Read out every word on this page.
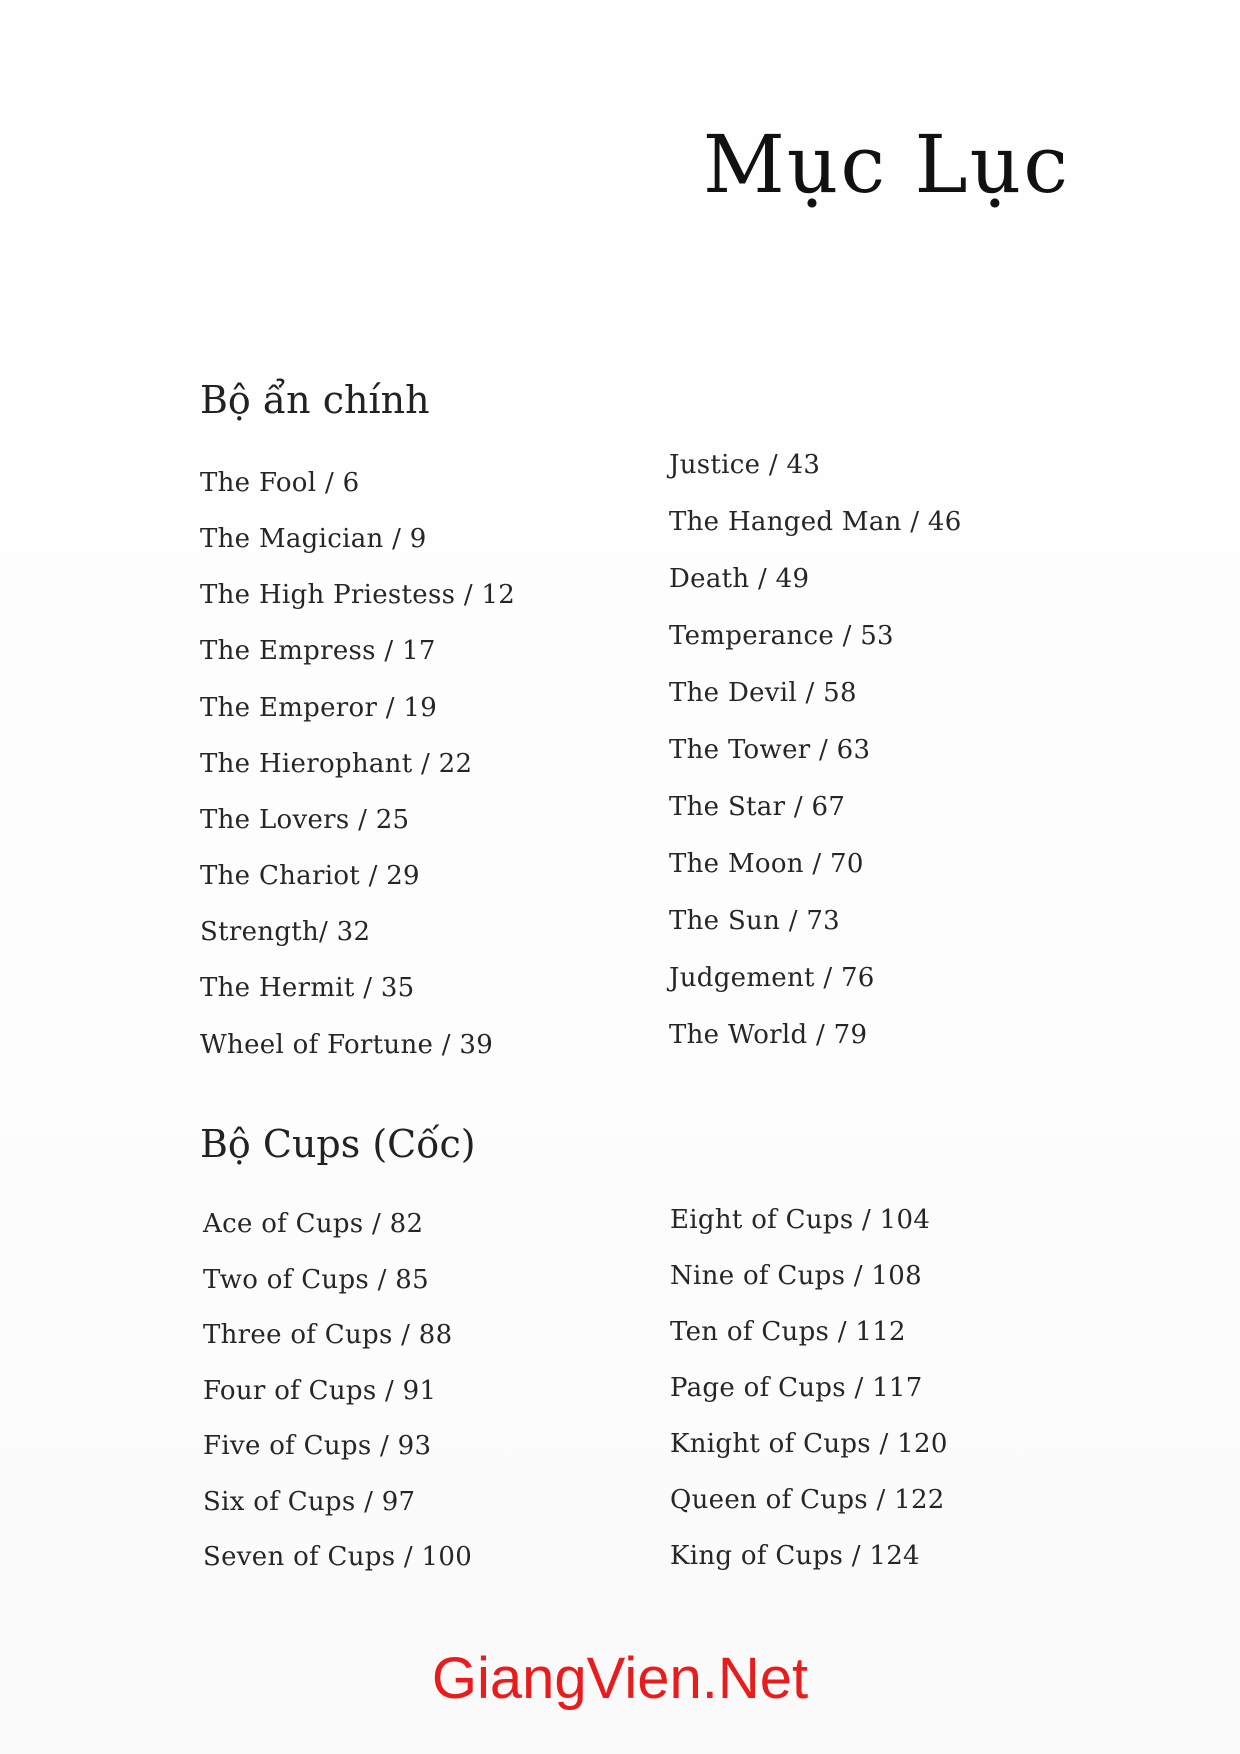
Mục Lục
Bộ ẩn chính
The Fool / 6
The Magician / 9
The High Priestess / 12
The Empress / 17
The Emperor / 19
The Hierophant / 22
The Lovers / 25
The Chariot / 29
Strength/ 32
The Hermit / 35
Wheel of Fortune / 39
Justice / 43
The Hanged Man / 46
Death / 49
Temperance / 53
The Devil / 58
The Tower / 63
The Star / 67
The Moon / 70
The Sun / 73
Judgement / 76
The World / 79
Bộ Cups (Cốc)
Ace of Cups / 82
Two of Cups / 85
Three of Cups / 88
Four of Cups / 91
Five of Cups / 93
Six of Cups / 97
Seven of Cups / 100
Eight of Cups / 104
Nine of Cups / 108
Ten of Cups / 112
Page of Cups / 117
Knight of Cups / 120
Queen of Cups / 122
King of Cups / 124
GiangVien.Net
